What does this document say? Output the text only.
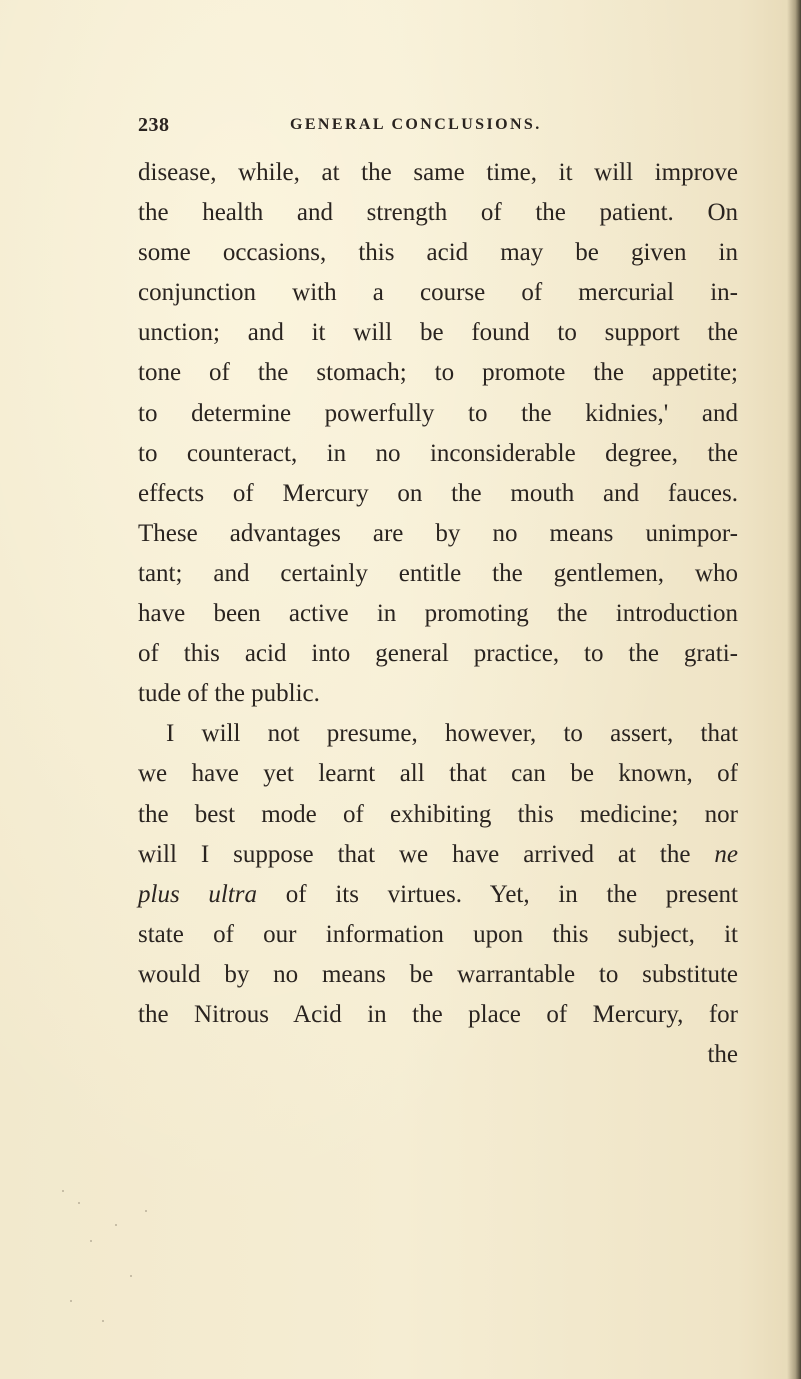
238	GENERAL CONCLUSIONS.
disease, while, at the same time, it will improve
the health and strength of the patient. On
some occasions, this acid may be given in
conjunction with a course of mercurial in-
unction; and it will be found to support the
tone of the stomach; to promote the appetite;
to determine powerfully to the kidnies,' and
to counteract, in no inconsiderable degree, the
effects of Mercury on the mouth and fauces.
These advantages are by no means unimpor-
tant; and certainly entitle the gentlemen, who
have been active in promoting the introduction
of this acid into general practice, to the grati-
tude of the public.
I will not presume, however, to assert, that
we have yet learnt all that can be known, of
the best mode of exhibiting this medicine; nor
will I suppose that we have arrived at the ne
plus ultra of its virtues. Yet, in the present
state of our information upon this subject, it
would by no means be warrantable to substitute
the Nitrous Acid in the place of Mercury, for
the
